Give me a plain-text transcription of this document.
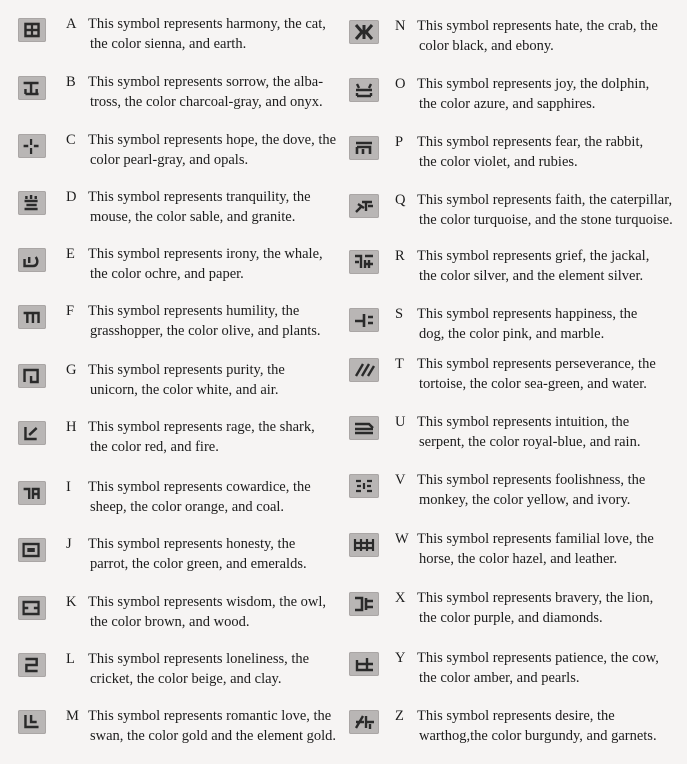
A This symbol represents harmony, the cat,
the color sienna, and earth.
B This symbol represents sorrow, the alba-
tross, the color charcoal-gray, and onyx.
C This symbol represents hope, the dove, the
color pearl-gray, and opals.
D This symbol represents tranquility, the
mouse, the color sable, and granite.
E This symbol represents irony, the whale,
the color ochre, and paper.
F This symbol represents humility, the
grasshopper, the color olive, and plants.
G This symbol represents purity, the
unicorn, the color white, and air.
H This symbol represents rage, the shark,
the color red, and fire.
I This symbol represents cowardice, the
sheep, the color orange, and coal.
J This symbol represents honesty, the
parrot, the color green, and emeralds.
K This symbol represents wisdom, the owl,
the color brown, and wood.
L This symbol represents loneliness, the
cricket, the color beige, and clay.
M This symbol represents romantic love, the
swan, the color gold and the element gold.
N This symbol represents hate, the crab, the
color black, and ebony.
O This symbol represents joy, the dolphin,
the color azure, and sapphires.
P This symbol represents fear, the rabbit,
the color violet, and rubies.
Q This symbol represents faith, the caterpillar,
the color turquoise, and the stone turquoise.
R This symbol represents grief, the jackal,
the color silver, and the element silver.
S This symbol represents happiness, the
dog, the color pink, and marble.
T This symbol represents perseverance, the
tortoise, the color sea-green, and water.
U This symbol represents intuition, the
serpent, the color royal-blue, and rain.
V This symbol represents foolishness, the
monkey, the color yellow, and ivory.
W This symbol represents familial love, the
horse, the color hazel, and leather.
X This symbol represents bravery, the lion,
the color purple, and diamonds.
Y This symbol represents patience, the cow,
the color amber, and pearls.
Z This symbol represents desire, the
warthog,the color burgundy, and garnets.
